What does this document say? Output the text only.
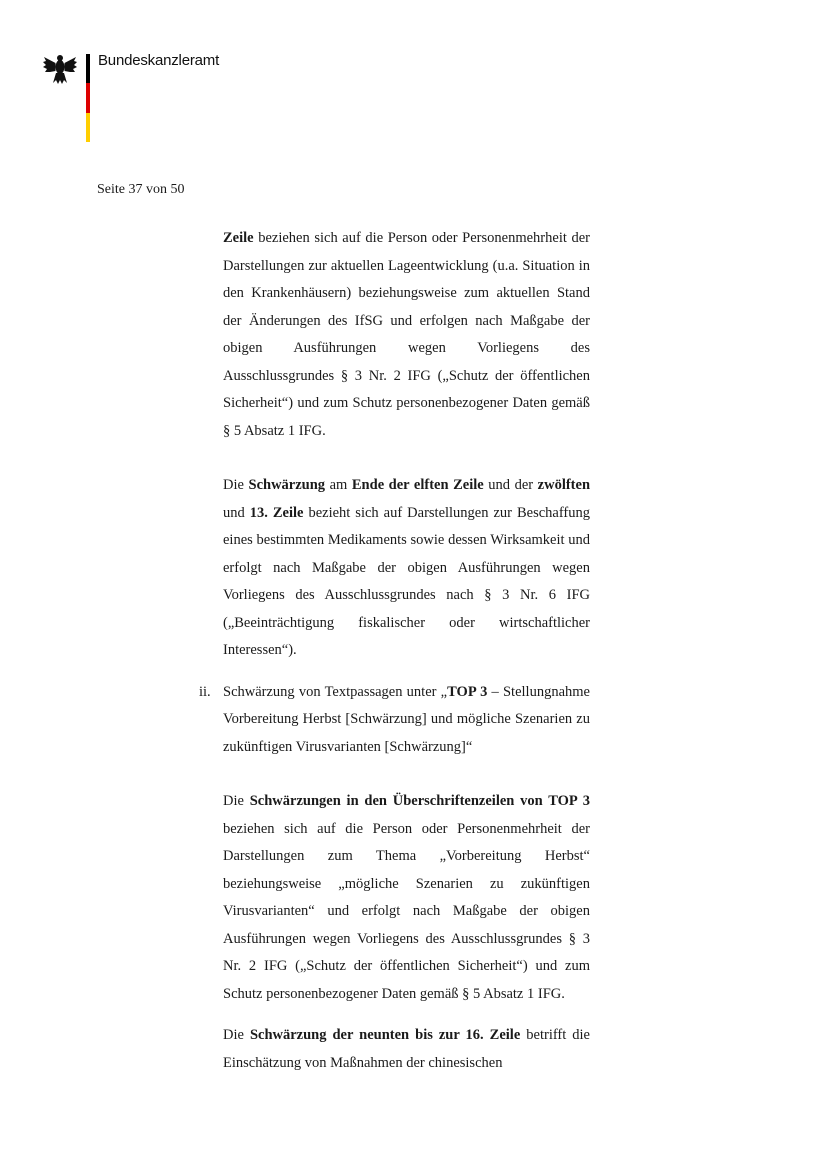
Bundeskanzleramt
Seite 37 von 50

Zeile beziehen sich auf die Person oder Personenmehrheit der Darstellungen zur aktuellen Lageentwicklung (u.a. Situation in den Krankenhäusern) beziehungsweise zum aktuellen Stand der Änderungen des IfSG und erfolgen nach Maßgabe der obigen Ausführungen wegen Vorliegens des Ausschlussgrundes § 3 Nr. 2 IFG („Schutz der öffentlichen Sicherheit“) und zum Schutz personenbezogener Daten gemäß § 5 Absatz 1 IFG.

Die Schwärzung am Ende der elften Zeile und der zwölften und 13. Zeile bezieht sich auf Darstellungen zur Beschaffung eines bestimmten Medikaments sowie dessen Wirksamkeit und erfolgt nach Maßgabe der obigen Ausführungen wegen Vorliegens des Ausschlussgrundes nach § 3 Nr. 6 IFG („Beeinträchtigung fiskalischer oder wirtschaftlicher Interessen“).

ii. Schwärzung von Textpassagen unter „TOP 3 – Stellungnahme Vorbereitung Herbst [Schwärzung] und mögliche Szenarien zu zukünftigen Virusvarianten [Schwärzung]“

Die Schwärzungen in den Überschriftenzeilen von TOP 3 beziehen sich auf die Person oder Personenmehrheit der Darstellungen zum Thema „Vorbereitung Herbst“ beziehungsweise „mögliche Szenarien zu zukünftigen Virusvarianten“ und erfolgt nach Maßgabe der obigen Ausführungen wegen Vorliegens des Ausschlussgrundes § 3 Nr. 2 IFG („Schutz der öffentlichen Sicherheit“) und zum Schutz personenbezogener Daten gemäß § 5 Absatz 1 IFG.

Die Schwärzung der neunten bis zur 16. Zeile betrifft die Einschätzung von Maßnahmen der chinesischen
